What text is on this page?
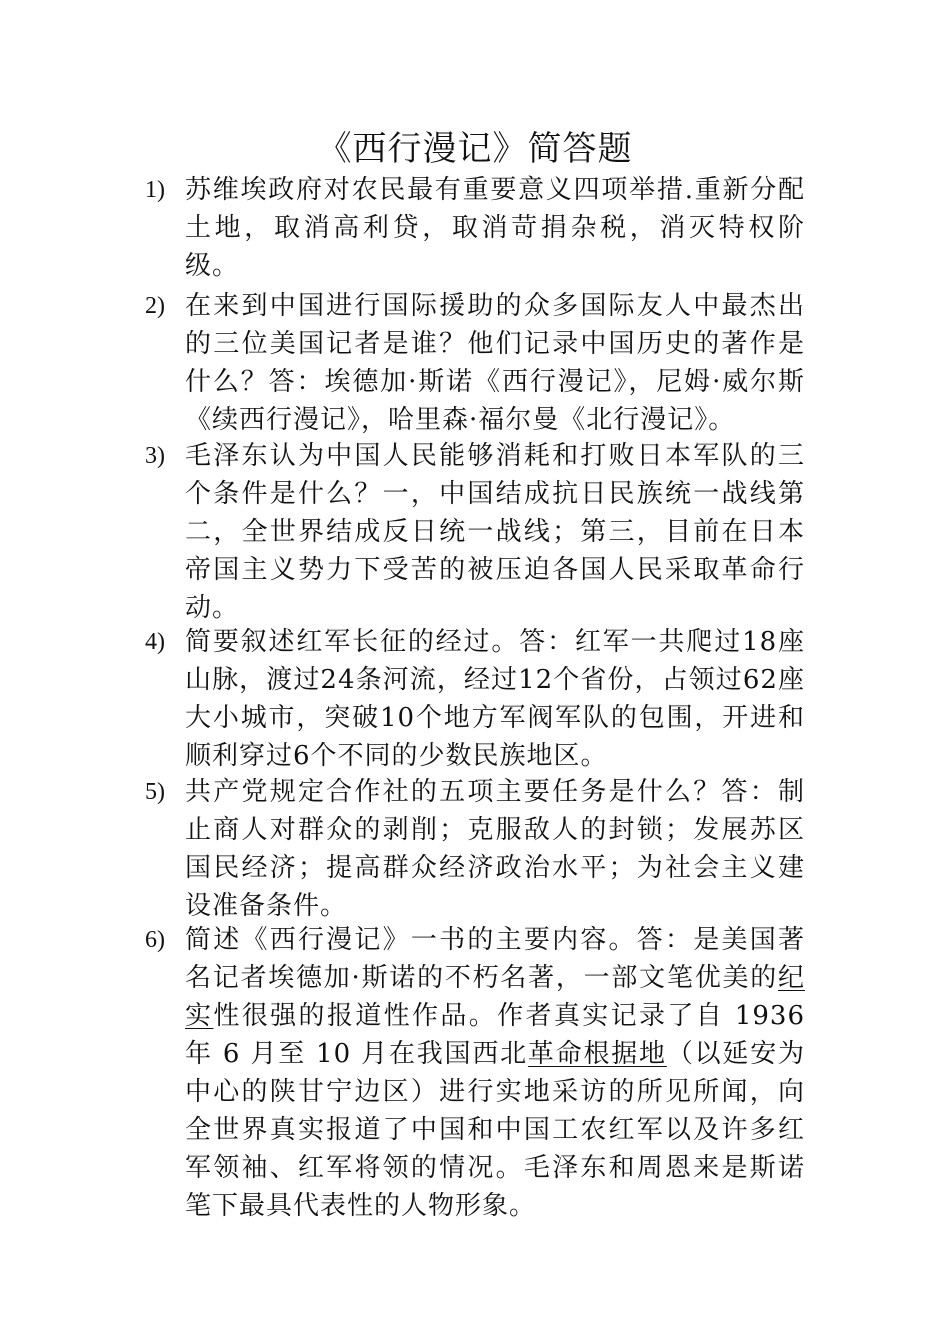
《西行漫记》简答题
1) 苏维埃政府对农民最有重要意义四项举措.重新分配土地，取消高利贷，取消苛捐杂税，消灭特权阶级。
2) 在来到中国进行国际援助的众多国际友人中最杰出的三位美国记者是谁？他们记录中国历史的著作是什么？答：埃德加·斯诺《西行漫记》，尼姆·威尔斯《续西行漫记》，哈里森·福尔曼《北行漫记》。
3) 毛泽东认为中国人民能够消耗和打败日本军队的三个条件是什么？一，中国结成抗日民族统一战线第二，全世界结成反日统一战线；第三，目前在日本帝国主义势力下受苦的被压迫各国人民采取革命行动。
4) 简要叙述红军长征的经过。答：红军一共爬过18座山脉，渡过24条河流，经过12个省份，占领过62座大小城市，突破10个地方军阀军队的包围，开进和顺利穿过6个不同的少数民族地区。
5) 共产党规定合作社的五项主要任务是什么？答：制止商人对群众的剥削；克服敌人的封锁；发展苏区国民经济；提高群众经济政治水平；为社会主义建设准备条件。
6) 简述《西行漫记》一书的主要内容。答：是美国著名记者埃德加·斯诺的不朽名著，一部文笔优美的纪实性很强的报道性作品。作者真实记录了自 1936 年 6 月至 10 月在我国西北革命根据地（以延安为中心的陕甘宁边区）进行实地采访的所见所闻，向全世界真实报道了中国和中国工农红军以及许多红军领袖、红军将领的情况。毛泽东和周恩来是斯诺笔下最具代表性的人物形象。
